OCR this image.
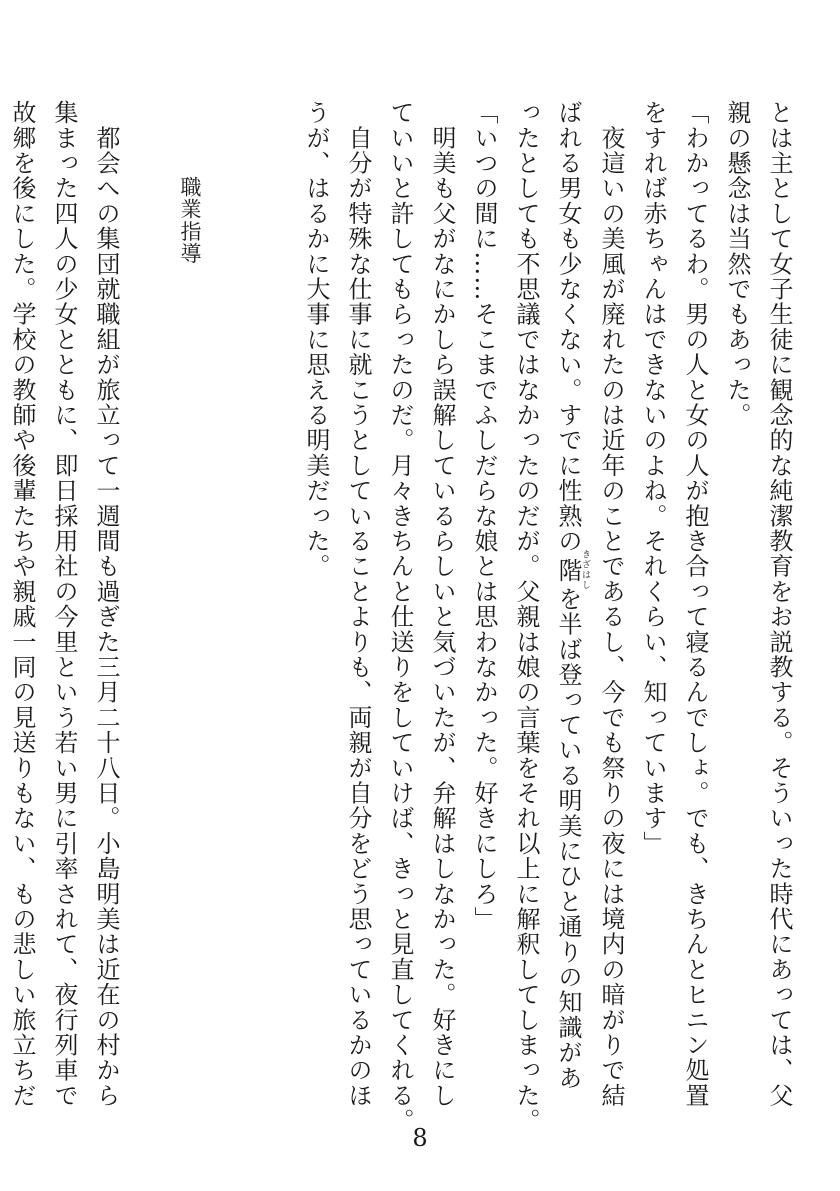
とは主として女子生徒に観念的な純潔教育をお説教する。そういった時代にあっては、父
親の懸念は当然でもあった。
「わかってるわ。男の人と女の人が抱き合って寝るんでしょ。でも、きちんとヒニン処置
をすれば赤ちゃんはできないのよね。それくらい、知っています」
　夜這いの美風が廃れたのは近年のことであるし、今でも祭りの夜には境内の暗がりで結
ばれる男女も少なくない。すでに性熟の階きざはしを半ば登っている明美にひと通りの知識があ
ったとしても不思議ではなかったのだが。父親は娘の言葉をそれ以上に解釈してしまった。
「いつの間に……そこまでふしだらな娘とは思わなかった。好きにしろ」
　明美も父がなにかしら誤解しているらしいと気づいたが、弁解はしなかった。好きにし
ていいと許してもらったのだ。月々きちんと仕送りをしていけば、きっと見直してくれる。
　自分が特殊な仕事に就こうとしていることよりも、両親が自分をどう思っているかのほ
うが、はるかに大事に思える明美だった。
職業指導
　都会への集団就職組が旅立って一週間も過ぎた三月二十八日。小島明美は近在の村から
集まった四人の少女とともに、即日採用社の今里という若い男に引率されて、夜行列車で
故郷を後にした。学校の教師や後輩たちや親戚一同の見送りもない、もの悲しい旅立ちだ
8
